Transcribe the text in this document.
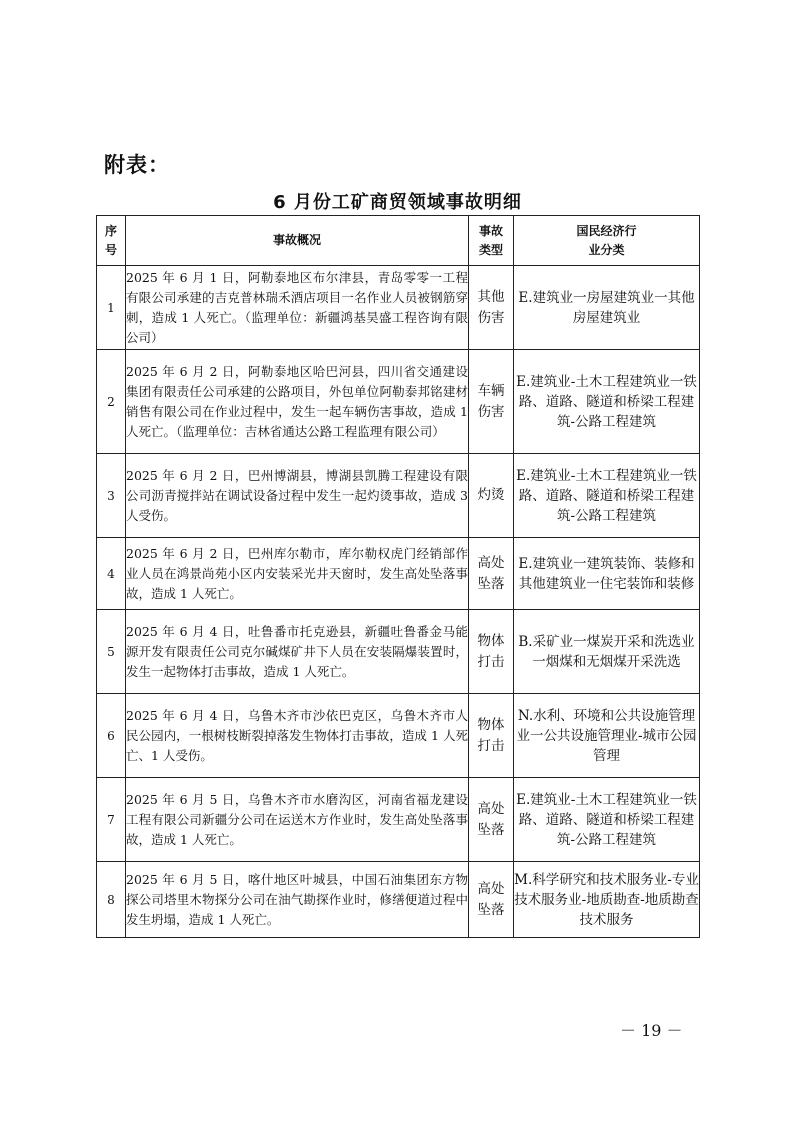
附表：
6 月份工矿商贸领域事故明细
序号	事故概况	事故类型	国民经济行业分类

1	2025 年 6 月 1 日，阿勒泰地区布尔津县，青岛零零一工程有限公司承建的吉克普林瑞禾酒店项目一名作业人员被钢筋穿刺，造成 1 人死亡。（监理单位：新疆鸿基昊盛工程咨询有限公司）	其他伤害	E.建筑业一房屋建筑业一其他房屋建筑业
2	2025 年 6 月 2 日，阿勒泰地区哈巴河县，四川省交通建设集团有限责任公司承建的公路项目，外包单位阿勒泰邦铭建材销售有限公司在作业过程中，发生一起车辆伤害事故，造成 1 人死亡。（监理单位：吉林省通达公路工程监理有限公司）	车辆伤害	E.建筑业-土木工程建筑业一铁路、道路、隧道和桥梁工程建筑-公路工程建筑
3	2025 年 6 月 2 日，巴州博湖县，博湖县凯腾工程建设有限公司沥青搅拌站在调试设备过程中发生一起灼烫事故，造成 3 人受伤。	灼烫	E.建筑业-土木工程建筑业一铁路、道路、隧道和桥梁工程建筑-公路工程建筑
4	2025 年 6 月 2 日，巴州库尔勒市，库尔勒权虎门经销部作业人员在鸿景尚苑小区内安装采光井天窗时，发生高处坠落事故，造成 1 人死亡。	高处坠落	E.建筑业一建筑装饰、装修和其他建筑业一住宅装饰和装修
5	2025 年 6 月 4 日，吐鲁番市托克逊县，新疆吐鲁番金马能源开发有限责任公司克尔碱煤矿井下人员在安装隔爆装置时，发生一起物体打击事故，造成 1 人死亡。	物体打击	B.采矿业一煤炭开采和洗选业一烟煤和无烟煤开采洗选
6	2025 年 6 月 4 日，乌鲁木齐市沙依巴克区，乌鲁木齐市人民公园内，一根树枝断裂掉落发生物体打击事故，造成 1 人死亡、1 人受伤。	物体打击	N.水利、环境和公共设施管理业一公共设施管理业-城市公园管理
7	2025 年 6 月 5 日，乌鲁木齐市水磨沟区，河南省福龙建设工程有限公司新疆分公司在运送木方作业时，发生高处坠落事故，造成 1 人死亡。	高处坠落	E.建筑业-土木工程建筑业一铁路、道路、隧道和桥梁工程建筑-公路工程建筑
8	2025 年 6 月 5 日，喀什地区叶城县，中国石油集团东方物探公司塔里木物探分公司在油气勘探作业时，修缮便道过程中发生坍塌，造成 1 人死亡。	高处坠落	M.科学研究和技术服务业-专业技术服务业-地质勘查-地质勘查技术服务
－ 19 －
